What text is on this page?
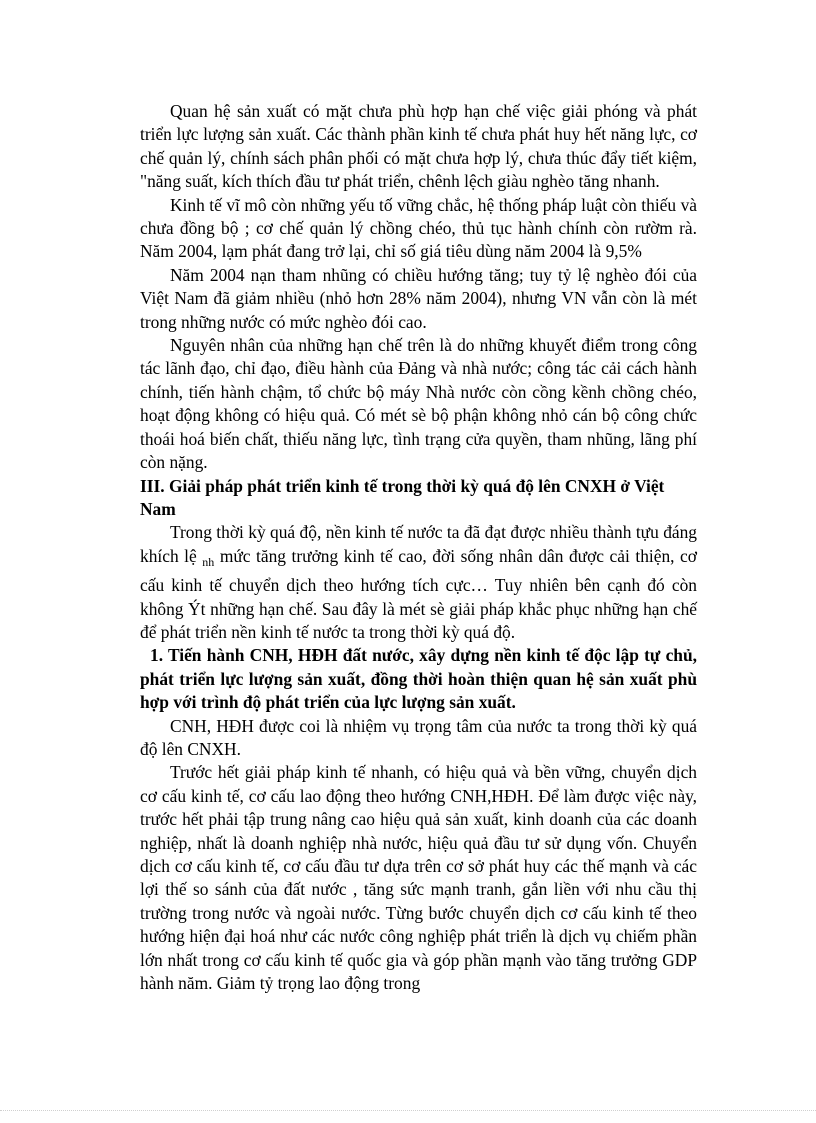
Quan hệ sản xuất có mặt chưa phù hợp hạn chế việc giải phóng và phát triển lực lượng sản xuất. Các thành phần kinh tế chưa phát huy hết năng lực, cơ chế quản lý, chính sách phân phối có mặt chưa hợp lý, chưa thúc đẩy tiết kiệm, "năng suất, kích thích đầu tư phát triển, chênh lệch giàu nghèo tăng nhanh.

Kinh tế vĩ mô còn những yếu tố vững chắc, hệ thống pháp luật còn thiếu và chưa đồng bộ ; cơ chế quản lý chồng chéo, thủ tục hành chính còn rườm rà. Năm 2004, lạm phát đang trở lại, chỉ số giá tiêu dùng năm 2004 là 9,5%

Năm 2004 nạn tham nhũng có chiều hướng tăng; tuy tỷ lệ nghèo đói của Việt Nam đã giảm nhiều (nhỏ hơn 28% năm 2004), nhưng VN vẫn còn là mét trong những nước có mức nghèo đói cao.

Nguyên nhân của những hạn chế trên là do những khuyết điểm trong công tác lãnh đạo, chỉ đạo, điều hành của Đảng và nhà nước; công tác cải cách hành chính, tiến hành chậm, tổ chức bộ máy Nhà nước còn cồng kềnh chồng chéo, hoạt động không có hiệu quả. Có mét sè bộ phận không nhỏ cán bộ công chức thoái hoá biến chất, thiếu năng lực, tình trạng cửa quyền, tham nhũng, lãng phí còn nặng.

III. Giải pháp phát triển kinh tế trong thời kỳ quá độ lên CNXH ở Việt Nam

Trong thời kỳ quá độ, nền kinh tế nước ta đã đạt được nhiều thành tựu đáng khích lệ $_{nh}$ mức tăng trưởng kinh tế cao, đời sống nhân dân được cải thiện, cơ cấu kinh tế chuyển dịch theo hướng tích cực… Tuy nhiên bên cạnh đó còn không Ýt những hạn chế. Sau đây là mét sè giải pháp khắc phục những hạn chế để phát triển nền kinh tế nước ta trong thời kỳ quá độ.

1. Tiến hành CNH, HĐH đất nước, xây dựng nền kinh tế độc lập tự chủ, phát triển lực lượng sản xuất, đồng thời hoàn thiện quan hệ sản xuất phù hợp với trình độ phát triển của lực lượng sản xuất.

CNH, HĐH được coi là nhiệm vụ trọng tâm của nước ta trong thời kỳ quá độ lên CNXH.

Trước hết giải pháp kinh tế nhanh, có hiệu quả và bền vững, chuyển dịch cơ cấu kinh tế, cơ cấu lao động theo hướng CNH,HĐH. Để làm được việc này, trước hết phải tập trung nâng cao hiệu quả sản xuất, kinh doanh của các doanh nghiệp, nhất là doanh nghiệp nhà nước, hiệu quả đầu tư sử dụng vốn. Chuyển dịch cơ cấu kinh tế, cơ cấu đầu tư dựa trên cơ sở phát huy các thế mạnh và các lợi thế so sánh của đất nước , tăng sức mạnh tranh, gắn liền với nhu cầu thị trường trong nước và ngoài nước. Từng bước chuyển dịch cơ cấu kinh tế theo hướng hiện đại hoá như các nước công nghiệp phát triển là dịch vụ chiếm phần lớn nhất trong cơ cấu kinh tế quốc gia và góp phần mạnh vào tăng trưởng GDP hành năm. Giảm tỷ trọng lao động trong
